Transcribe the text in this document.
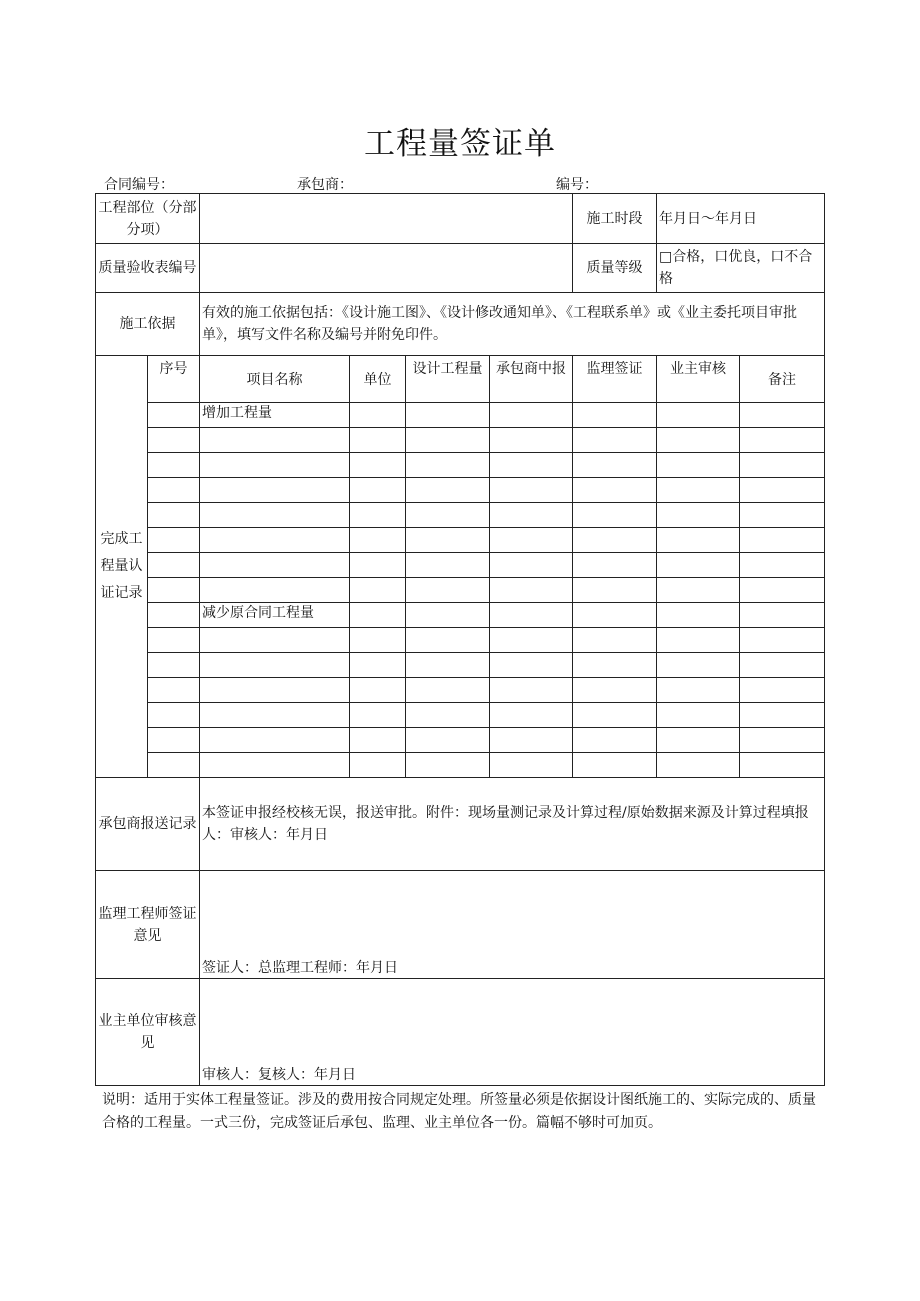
工程量签证单
合同编号：	承包商：	编号：
工程部位（分部分项）						施工时段	年月日～年月日	
质量验收表编号						质量等级	□合格，口优良，口不合格	
施工依据		有效的施工依据包括：《设计施工图》、《设计修改通知单》、《工程联系单》或《业主委托项目审批单》，填写文件名称及编号并附免印件。						
完成工程量认证记录	序号	项目名称	单位	设计工程量	承包商中报	监理签证	业主审核	备注
		增加工程量						

		减少原合同工程量						

承包商报送记录		本签证申报经校核无误，报送审批。附件：现场量测记录及计算过程/原始数据来源及计算过程填报人：审核人：年月日						
监理工程师签证意见		签证人：总监理工程师：年月日						
业主单位审核意见		审核人：复核人：年月日						
说明：适用于实体工程量签证。涉及的费用按合同规定处理。所签量必须是依据设计图纸施工的、实际完成的、质量合格的工程量。一式三份，完成签证后承包、监理、业主单位各一份。篇幅不够时可加页。
